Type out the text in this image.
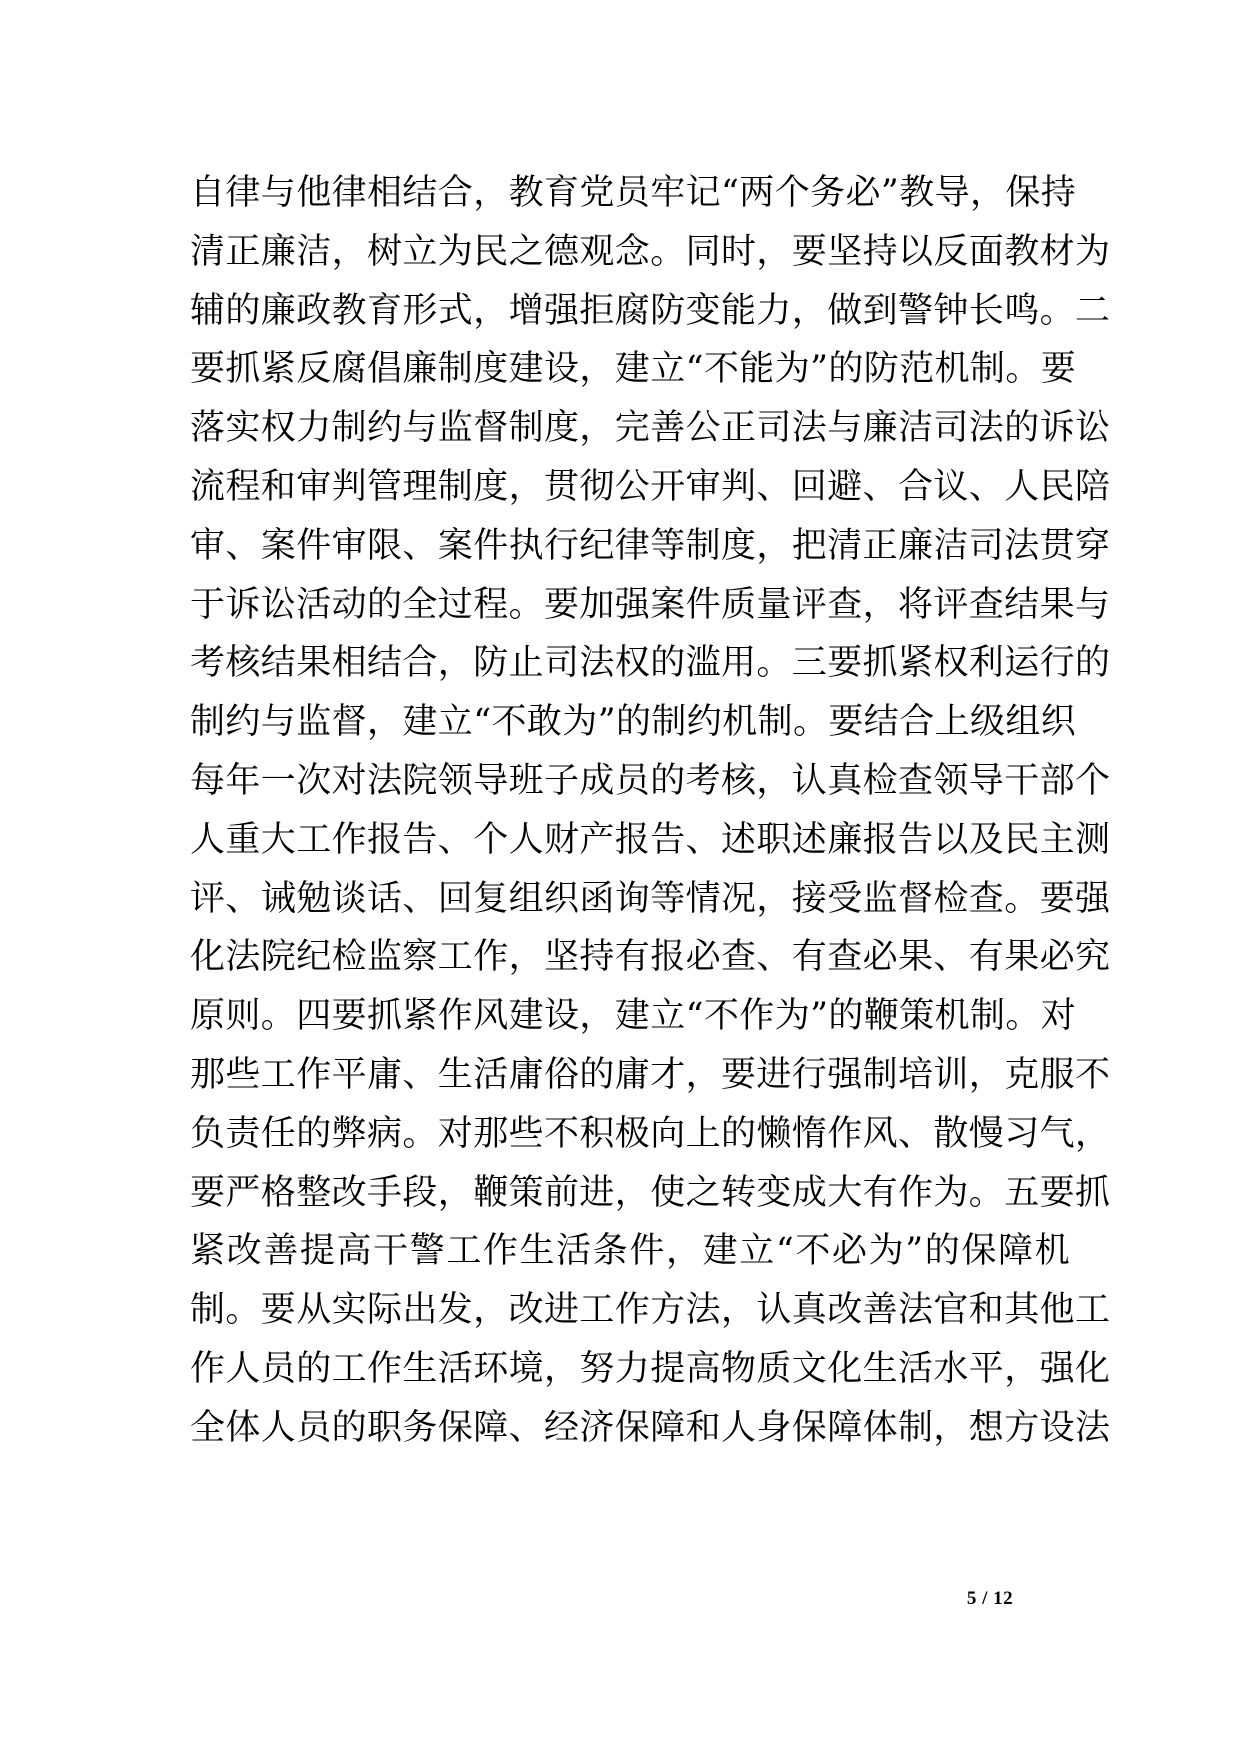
自律与他律相结合，教育党员牢记“两个务必”教导，保持
清正廉洁，树立为民之德观念。同时，要坚持以反面教材为
辅的廉政教育形式，增强拒腐防变能力，做到警钟长鸣。二
要抓紧反腐倡廉制度建设，建立“不能为”的防范机制。要
落实权力制约与监督制度，完善公正司法与廉洁司法的诉讼
流程和审判管理制度，贯彻公开审判、回避、合议、人民陪
审、案件审限、案件执行纪律等制度，把清正廉洁司法贯穿
于诉讼活动的全过程。要加强案件质量评查，将评查结果与
考核结果相结合，防止司法权的滥用。三要抓紧权利运行的
制约与监督，建立“不敢为”的制约机制。要结合上级组织
每年一次对法院领导班子成员的考核，认真检查领导干部个
人重大工作报告、个人财产报告、述职述廉报告以及民主测
评、诫勉谈话、回复组织函询等情况，接受监督检查。要强
化法院纪检监察工作，坚持有报必查、有查必果、有果必究
原则。四要抓紧作风建设，建立“不作为”的鞭策机制。对
那些工作平庸、生活庸俗的庸才，要进行强制培训，克服不
负责任的弊病。对那些不积极向上的懒惰作风、散慢习气，
要严格整改手段，鞭策前进，使之转变成大有作为。五要抓
紧改善提高干警工作生活条件，建立“不必为”的保障机
制。要从实际出发，改进工作方法，认真改善法官和其他工
作人员的工作生活环境，努力提高物质文化生活水平，强化
全体人员的职务保障、经济保障和人身保障体制，想方设法
5 / 12
